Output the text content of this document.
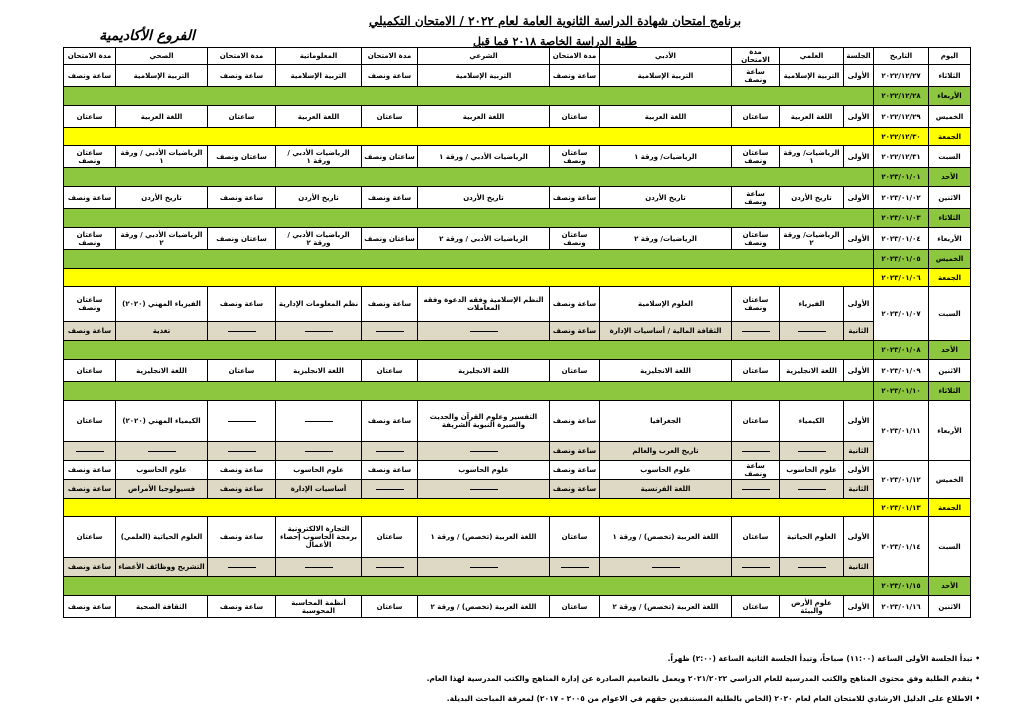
برنامج امتحان شهادة الدراسة الثانوية العامة لعام ٢٠٢٢ / الامتحان التكميلي
طلبة الدراسة الخاصة ٢٠١٨ فما قبل
الفروع الأكاديمية
اليوم	التاريخ	الجلسة	العلمي	مدة الامتحان	الأدبي	مدة الامتحان	الشرعي	مدة الامتحان	المعلوماتية	مدة الامتحان	الصحي	مدة الامتحان
الثلاثاء	٢٠٢٢/١٢/٢٧	الأولى	التربية الإسلامية	ساعة ونصف	التربية الإسلامية	ساعة ونصف	التربية الإسلامية	ساعة ونصف	التربية الإسلامية	ساعة ونصف	التربية الإسلامية	ساعة ونصف
الأربعاء	٢٠٢٢/١٢/٢٨											
الخميس	٢٠٢٢/١٢/٢٩	الأولى	اللغة العربية	ساعتان	اللغة العربية	ساعتان	اللغة العربية	ساعتان	اللغة العربية	ساعتان	اللغة العربية	ساعتان
الجمعة	٢٠٢٢/١٢/٣٠											
السبت	٢٠٢٢/١٢/٣١	الأولى	الرياضيات/ ورقة ١	ساعتان ونصف	الرياضيات/ ورقة ١	ساعتان ونصف	الرياضيات الأدبي / ورقة ١	ساعتان ونصف	الرياضيات الأدبي / ورقة ١	ساعتان ونصف	الرياضيات الأدبي / ورقة ١	ساعتان ونصف
الأحد	٢٠٢٣/٠١/٠١											
الاثنين	٢٠٢٣/٠١/٠٢	الأولى	تاريخ الأردن	ساعة ونصف	تاريخ الأردن	ساعة ونصف	تاريخ الأردن	ساعة ونصف	تاريخ الأردن	ساعة ونصف	تاريخ الأردن	ساعة ونصف
الثلاثاء	٢٠٢٣/٠١/٠٣											
الأربعاء	٢٠٢٣/٠١/٠٤	الأولى	الرياضيات/ ورقة ٢	ساعتان ونصف	الرياضيات/ ورقة ٢	ساعتان ونصف	الرياضيات الأدبي / ورقة ٢	ساعتان ونصف	الرياضيات الأدبي / ورقة ٢	ساعتان ونصف	الرياضيات الأدبي / ورقة ٢	ساعتان ونصف
الخميس	٢٠٢٣/٠١/٠٥											
الجمعة	٢٠٢٣/٠١/٠٦											
السبت	٢٠٢٣/٠١/٠٧	الأولى	الفيزياء	ساعتان ونصف	العلوم الإسلامية	ساعة ونصف	النظم الإسلامية وفقه الدعوة وفقه المعاملات	ساعة ونصف	نظم المعلومات الإدارية	ساعة ونصف	الفيزياء المهني (٢٠٢٠)	ساعتان ونصف
		الثانية			الثقافة المالية / أساسيات الإدارة	ساعة ونصف					تغذية	ساعة ونصف
الأحد	٢٠٢٣/٠١/٠٨											
الاثنين	٢٠٢٣/٠١/٠٩	الأولى	اللغة الانجليزية	ساعتان	اللغة الانجليزية	ساعتان	اللغة الانجليزية	ساعتان	اللغة الانجليزية	ساعتان	اللغة الانجليزية	ساعتان
الثلاثاء	٢٠٢٣/٠١/١٠											
الأربعاء	٢٠٢٣/٠١/١١	الأولى	الكيمياء	ساعتان	الجغرافيا	ساعة ونصف	التفسير وعلوم القرآن والحديث والسيرة النبوية الشريفة	ساعة ونصف			الكيمياء المهني (٢٠٢٠)	ساعتان
		الثانية			تاريخ العرب والعالم	ساعة ونصف						
الخميس	٢٠٢٣/٠١/١٢	الأولى	علوم الحاسوب	ساعة ونصف	علوم الحاسوب	ساعة ونصف	علوم الحاسوب	ساعة ونصف	علوم الحاسوب	ساعة ونصف	علوم الحاسوب	ساعة ونصف
		الثانية			اللغة الفرنسية	ساعة ونصف			أساسيات الإدارة	ساعة ونصف	فسيولوجيا الأمراض	ساعة ونصف
الجمعة	٢٠٢٣/٠١/١٣											
السبت	٢٠٢٣/٠١/١٤	الأولى	العلوم الحياتية	ساعتان	اللغة العربية (تخصص) / ورقة ١	ساعتان	اللغة العربية (تخصص) / ورقة ١	ساعتان	التجارة الالكترونية برمجة الحاسوب إحصاء الأعمال	ساعة ونصف	العلوم الحياتية (العلمي)	ساعتان
		الثانية									التشريح ووظائف الأعضاء	ساعة ونصف
الأحد	٢٠٢٣/٠١/١٥											
الاثنين	٢٠٢٣/٠١/١٦	الأولى	علوم الأرض والبيئة	ساعتان	اللغة العربية (تخصص) / ورقة ٢	ساعتان	اللغة العربية (تخصص) / ورقة ٢	ساعتان	أنظمة المحاسبة المحوسبة	ساعة ونصف	الثقافة الصحية	ساعة ونصف
• تبدأ الجلسة الأولى الساعة (١١:٠٠) صباحاً، وتبدأ الجلسة الثانية الساعة (٢:٠٠) ظهراً.
• يتقدم الطلبة وفق محتوى المناهج والكتب المدرسية للعام الدراسي ٢٠٢١/٢٠٢٢ ويعمل بالتعاميم الصادرة عن إدارة المناهج والكتب المدرسية لهذا العام.
• الاطلاع على الدليل الارشادي للامتحان العام لعام ٢٠٢٠ (الخاص بالطلبة المستنفدين حقهم في الاعوام من ٢٠٠٥ - ٢٠١٧) لمعرفة المباحث البديلة.
